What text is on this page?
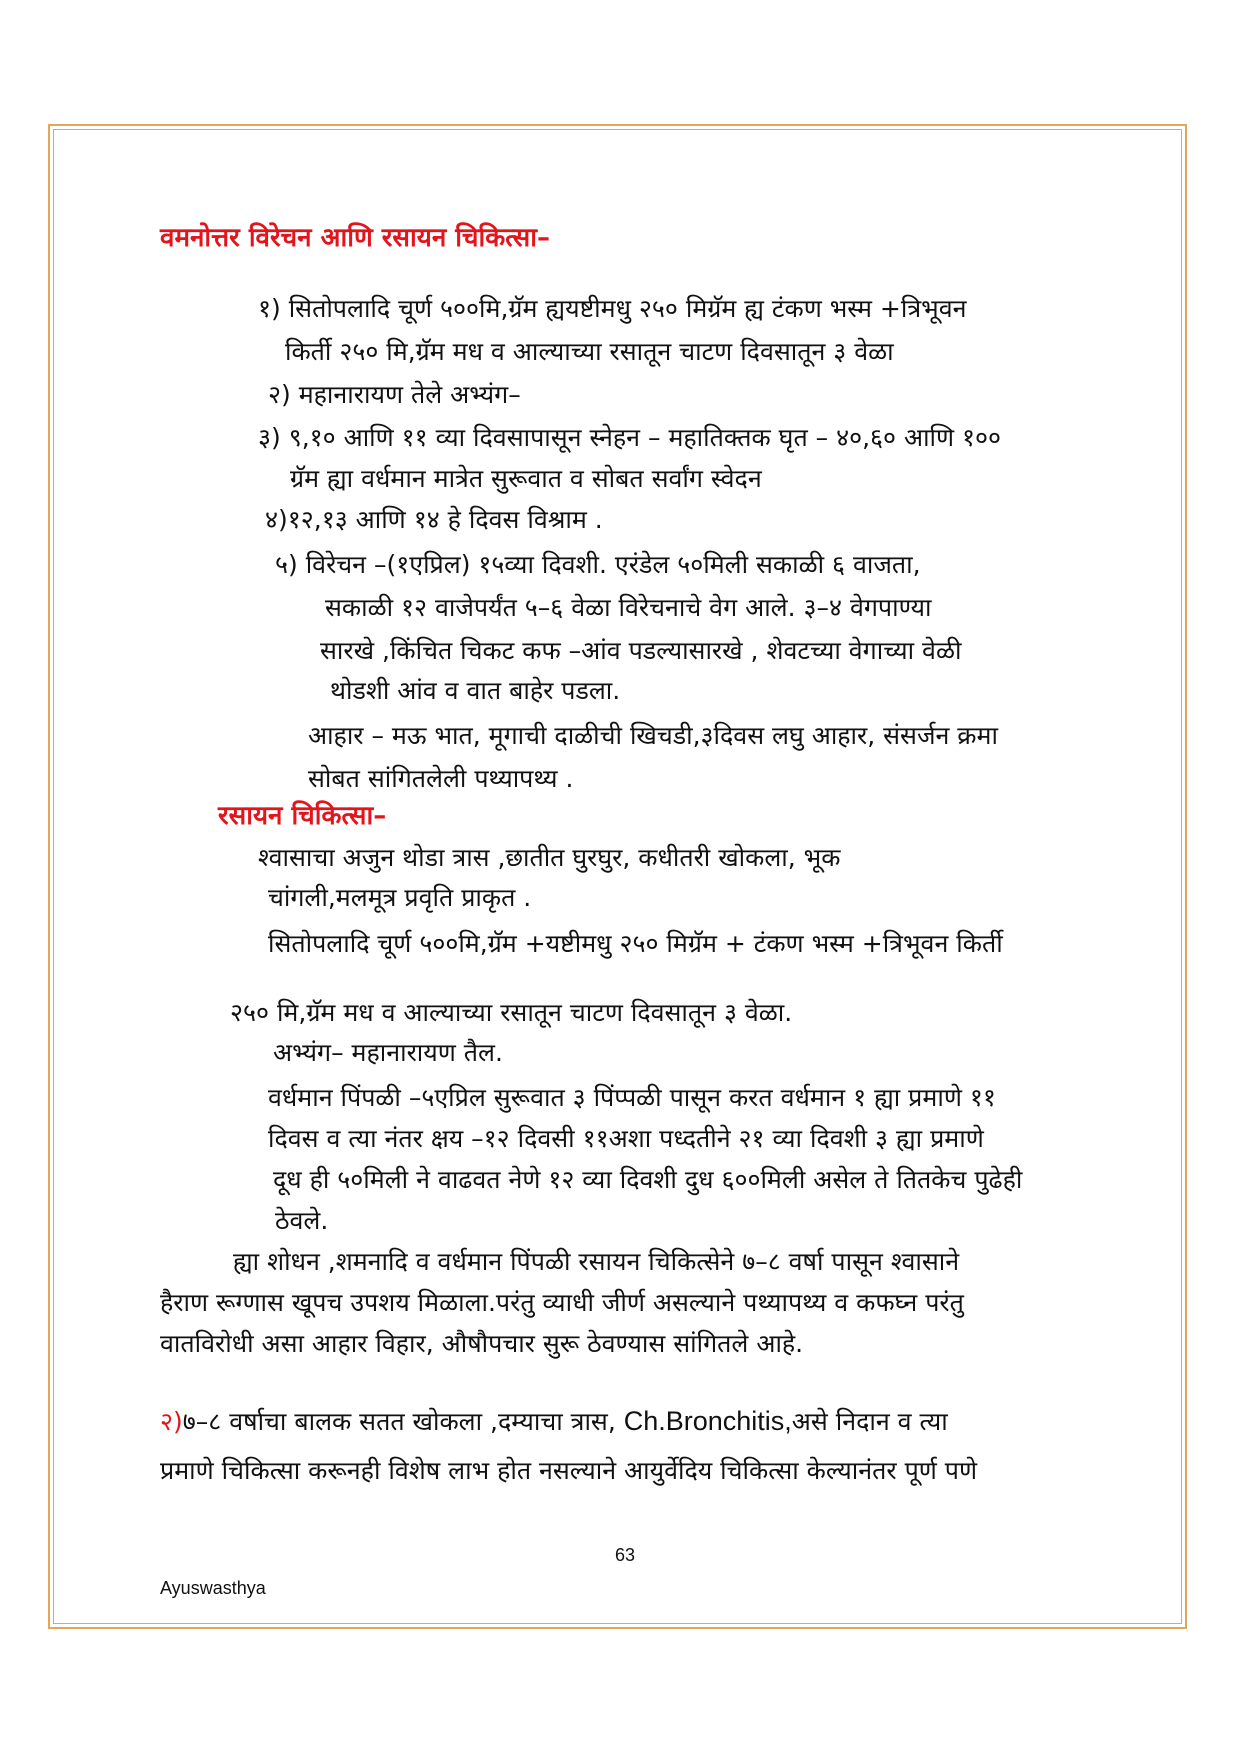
वमनोत्तर विरेचन आणि रसायन चिकित्सा–
१) सितोपलादि चूर्ण ५००मि,ग्रॅम ह्ययष्टीमधु २५० मिग्रॅम ह्य टंकण भस्म +त्रिभूवन
किर्ती २५० मि,ग्रॅम मध व आल्याच्या रसातून चाटण दिवसातून ३ वेळा
२) महानारायण तेले अभ्यंग–
३) ९,१० आणि ११ व्या दिवसापासून स्नेहन – महातिक्तक घृत – ४०,६० आणि १००
ग्रॅम ह्या वर्धमान मात्रेत सुरूवात व सोबत सर्वांग स्वेदन
४)१२,१३ आणि १४ हे दिवस विश्राम .
५) विरेचन –(१एप्रिल) १५व्या दिवशी. एरंडेल ५०मिली सकाळी ६ वाजता,
सकाळी १२ वाजेपर्यंत ५–६ वेळा विरेचनाचे वेग आले. ३–४ वेगपाण्या
सारखे ,किंचित चिकट कफ –आंव पडल्यासारखे , शेवटच्या वेगाच्या वेळी
थोडशी आंव व वात बाहेर पडला.
आहार – मऊ भात, मूगाची दाळीची खिचडी,३दिवस लघु आहार, संसर्जन क्रमा
सोबत सांगितलेली पथ्यापथ्य .
रसायन चिकित्सा–
श्वासाचा अजुन थोडा त्रास ,छातीत घुरघुर, कधीतरी खोकला, भूक
चांगली,मलमूत्र प्रवृति प्राकृत .
सितोपलादि चूर्ण ५००मि,ग्रॅम +यष्टीमधु २५० मिग्रॅम + टंकण भस्म +त्रिभूवन किर्ती
२५० मि,ग्रॅम मध व आल्याच्या रसातून चाटण दिवसातून ३ वेळा.
अभ्यंग– महानारायण तैल.
वर्धमान पिंपळी –५एप्रिल सुरूवात ३ पिंप्पळी पासून करत वर्धमान १ ह्या प्रमाणे ११
दिवस व त्या नंतर क्षय –१२ दिवसी ११अशा पध्दतीने २१ व्या दिवशी ३ ह्या प्रमाणे
दूध ही ५०मिली ने वाढवत नेणे १२ व्या दिवशी दुध ६००मिली असेल ते तितकेच पुढेही
ठेवले.
ह्या शोधन ,शमनादि व वर्धमान पिंपळी रसायन चिकित्सेने ७–८ वर्षा पासून श्वासाने
हैराण रूग्णास खूपच उपशय मिळाला.परंतु व्याधी जीर्ण असल्याने पथ्यापथ्य व कफघ्न परंतु
वातविरोधी असा आहार विहार, औषौपचार सुरू ठेवण्यास सांगितले आहे.
२)७–८ वर्षाचा बालक सतत खोकला ,दम्याचा त्रास, Ch.Bronchitis,असे निदान व त्या
प्रमाणे चिकित्सा करूनही विशेष लाभ होत नसल्याने आयुर्वेदिय चिकित्सा केल्यानंतर पूर्ण पणे
63
Ayuswasthya
